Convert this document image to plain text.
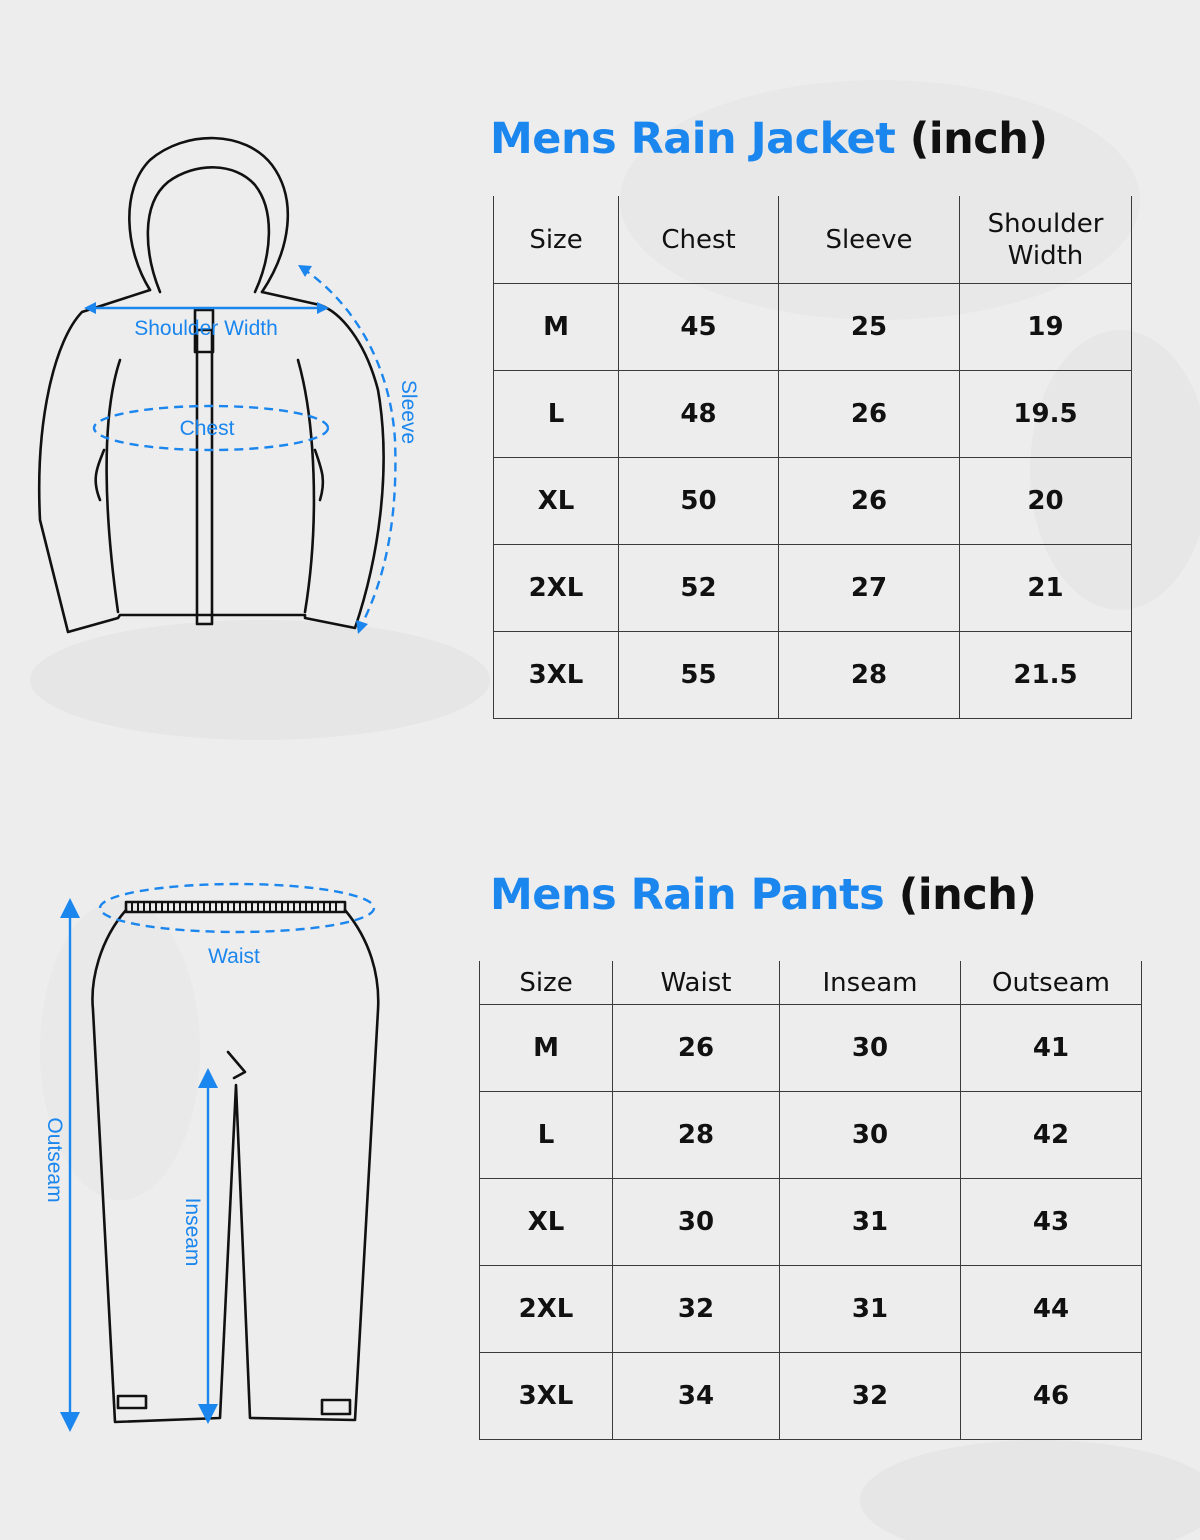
Shoulder Width
Chest	Sleeve
Mens Rain Jacket (inch)
Size	Chest	Sleeve	Shoulder Width
M	45	25	19
L	48	26	19.5
XL	50	26	20
2XL	52	27	21
3XL	55	28	21.5
Waist
Outseam
Inseam
Mens Rain Pants (inch)
Size	Waist	Inseam	Outseam
M	26	30	41
L	28	30	42
XL	30	31	43
2XL	32	31	44
3XL	34	32	46
